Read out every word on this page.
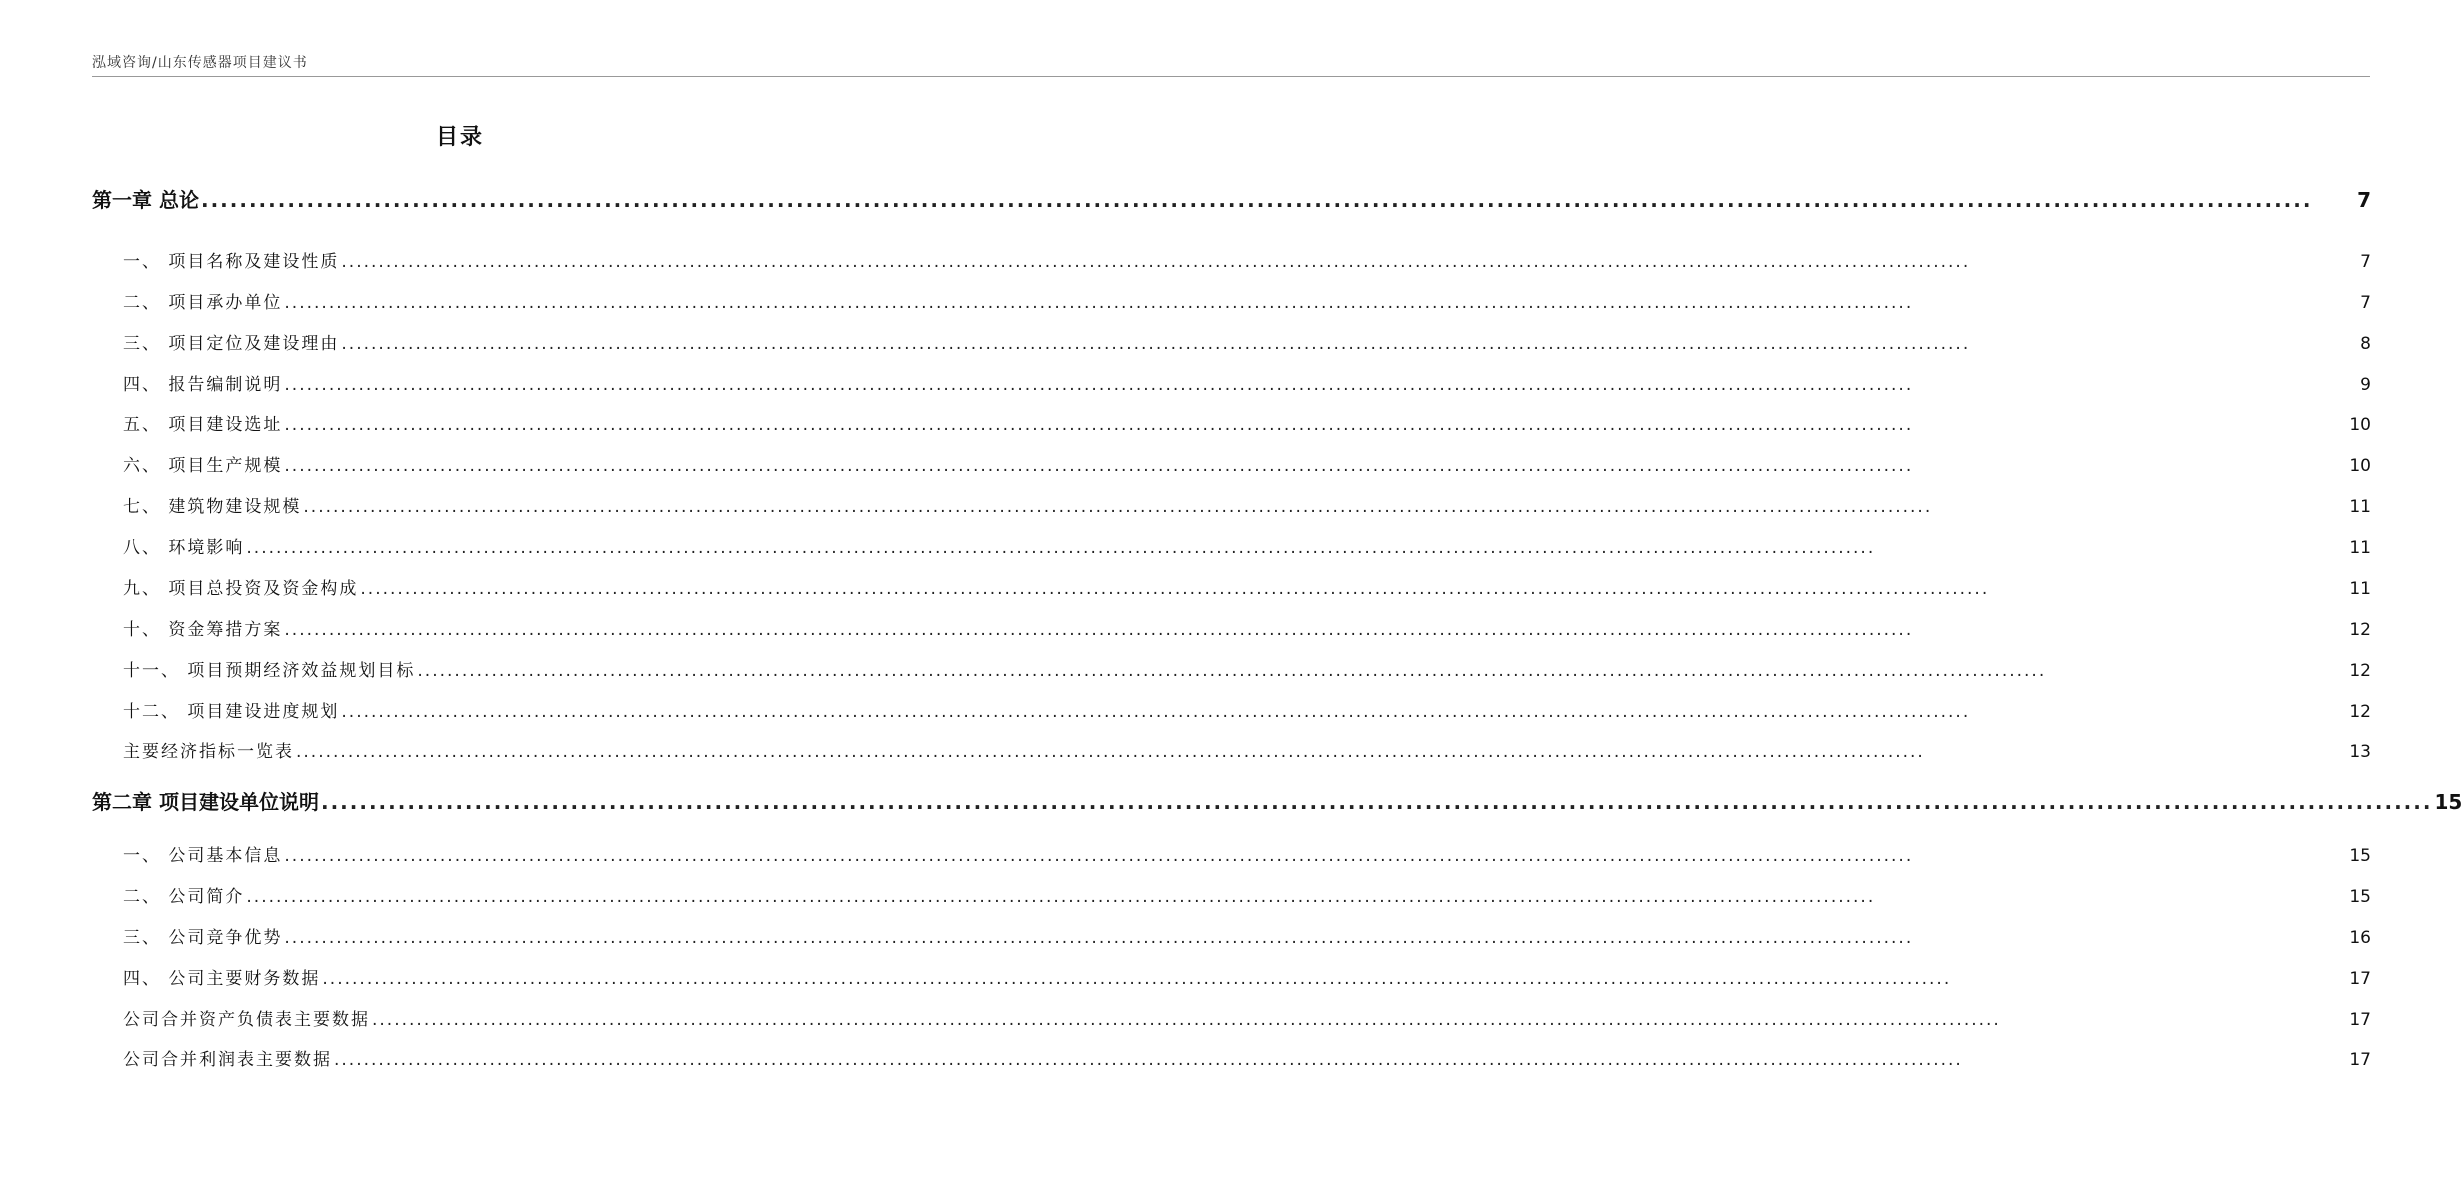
泓域咨询/山东传感器项目建议书
目录
第一章 总论 ............................................................................................................................................................................................................................	7
一、 项目名称及建设性质 ............................................................................................................................................................................................................................	7
二、 项目承办单位 ............................................................................................................................................................................................................................	7
三、 项目定位及建设理由 ............................................................................................................................................................................................................................	8
四、 报告编制说明 ............................................................................................................................................................................................................................	9
五、 项目建设选址 ............................................................................................................................................................................................................................	10
六、 项目生产规模 ............................................................................................................................................................................................................................	10
七、 建筑物建设规模 ............................................................................................................................................................................................................................	11
八、 环境影响 ............................................................................................................................................................................................................................	11
九、 项目总投资及资金构成 ............................................................................................................................................................................................................................	11
十、 资金筹措方案 ............................................................................................................................................................................................................................	12
十一、 项目预期经济效益规划目标 ............................................................................................................................................................................................................................	12
十二、 项目建设进度规划 ............................................................................................................................................................................................................................	12
主要经济指标一览表 ............................................................................................................................................................................................................................	13
第二章 项目建设单位说明 ............................................................................................................................................................................................................................ 15
一、 公司基本信息 ............................................................................................................................................................................................................................	15
二、 公司简介 ............................................................................................................................................................................................................................	15
三、 公司竞争优势 ............................................................................................................................................................................................................................	16
四、 公司主要财务数据 ............................................................................................................................................................................................................................	17
公司合并资产负债表主要数据 ............................................................................................................................................................................................................................	17
公司合并利润表主要数据 ............................................................................................................................................................................................................................	17
